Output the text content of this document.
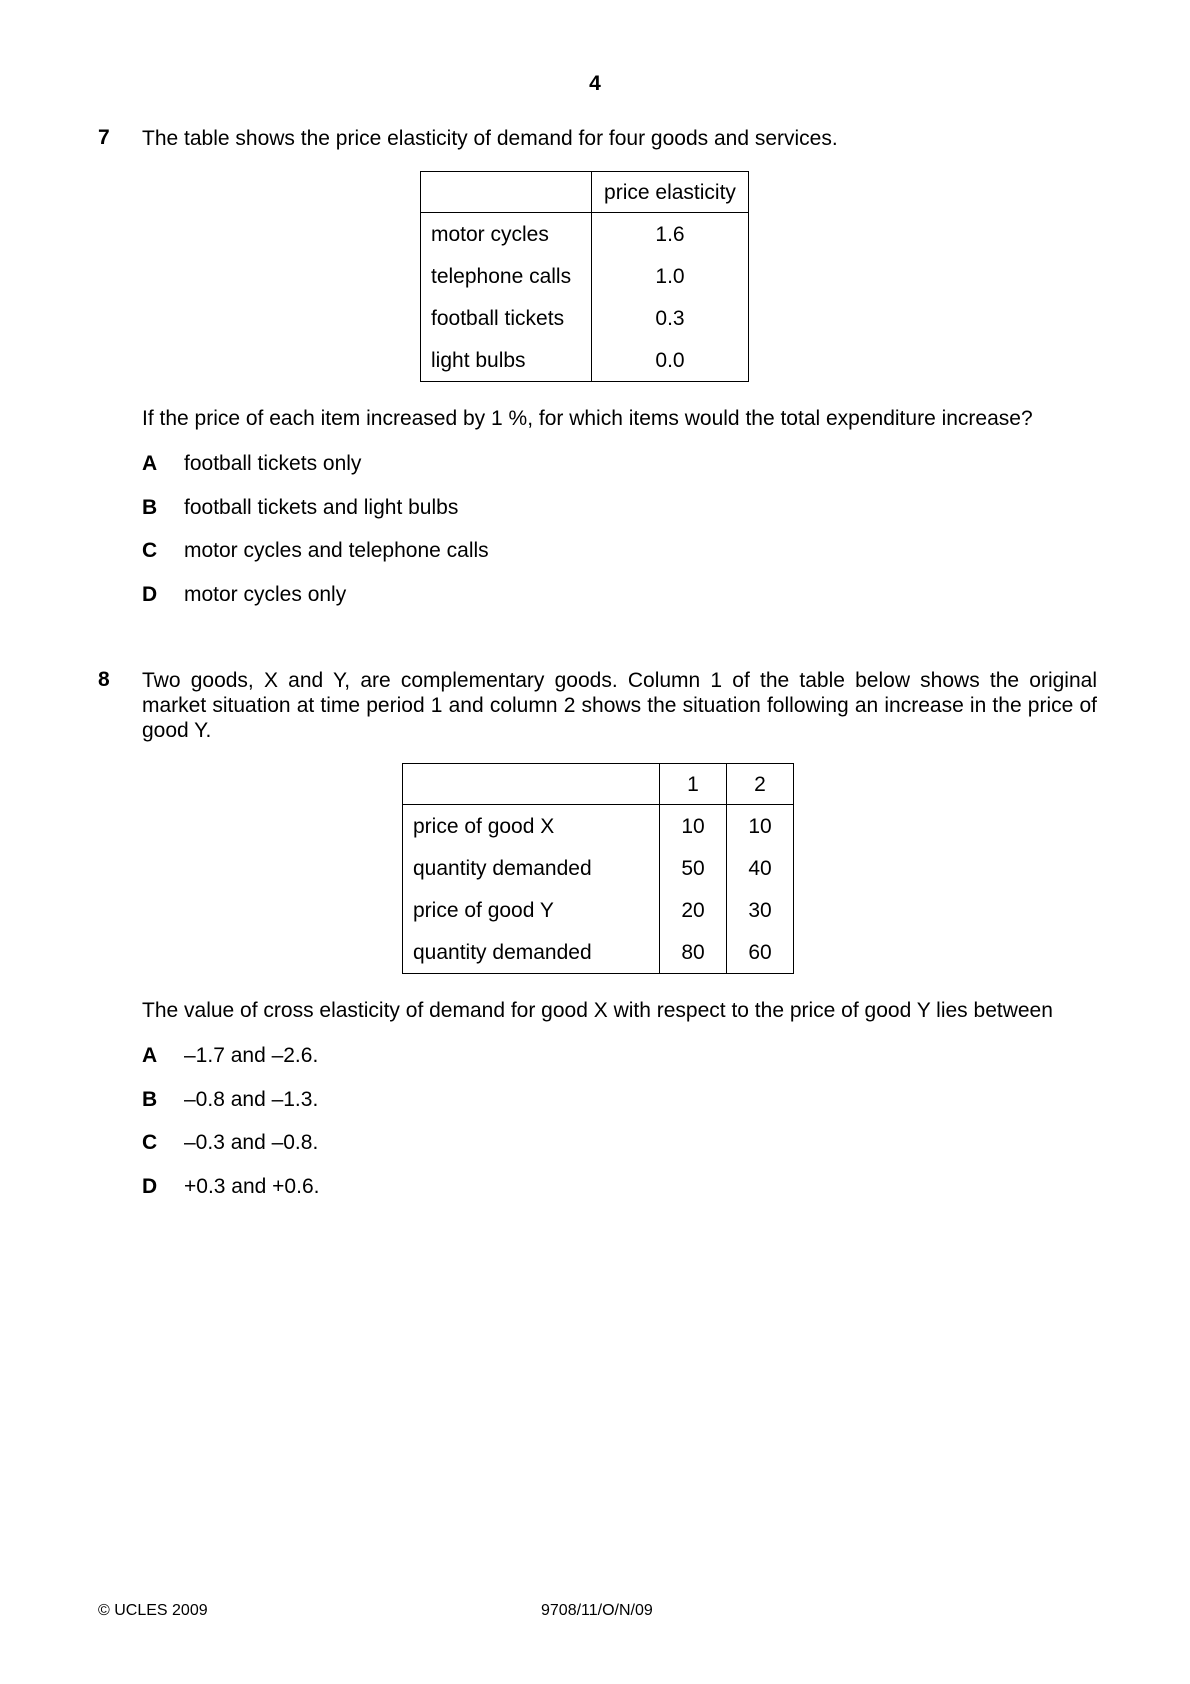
4
7 The table shows the price elasticity of demand for four goods and services.
	price elasticity
motor cycles	1.6
telephone calls	1.0
football tickets	0.3
light bulbs	0.0
If the price of each item increased by 1 %, for which items would the total expenditure increase?
A football tickets only
B football tickets and light bulbs
C motor cycles and telephone calls
D motor cycles only
8 Two goods, X and Y, are complementary goods. Column 1 of the table below shows the original market situation at time period 1 and column 2 shows the situation following an increase in the price of good Y.
	1	2
price of good X	10	10
quantity demanded	50	40
price of good Y	20	30
quantity demanded	80	60
The value of cross elasticity of demand for good X with respect to the price of good Y lies between
A –1.7 and –2.6.
B –0.8 and –1.3.
C –0.3 and –0.8.
D +0.3 and +0.6.
© UCLES 2009	9708/11/O/N/09
